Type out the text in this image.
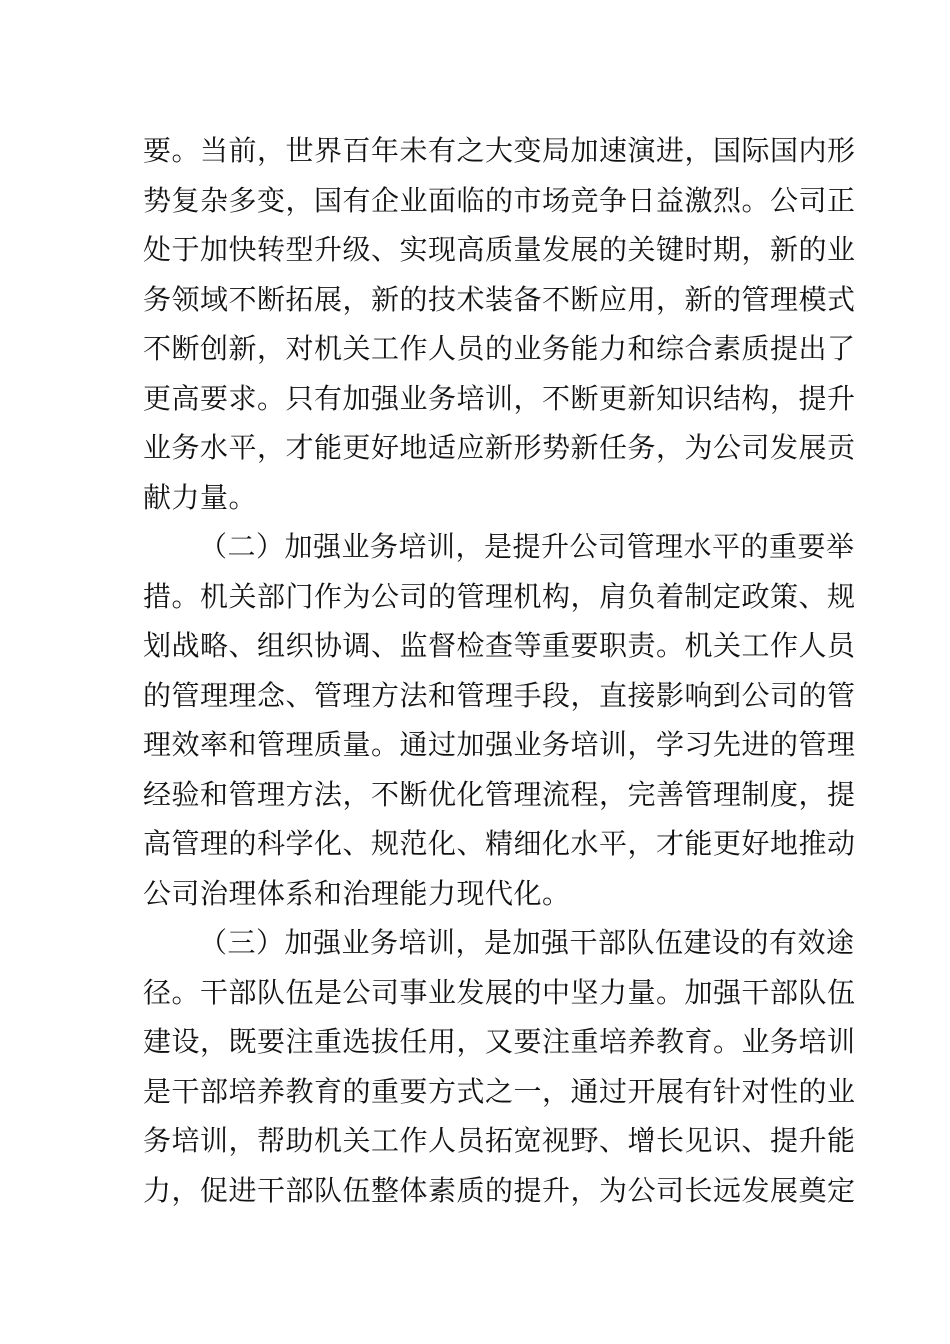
要。当前，世界百年未有之大变局加速演进，国际国内形
势复杂多变，国有企业面临的市场竞争日益激烈。公司正
处于加快转型升级、实现高质量发展的关键时期，新的业
务领域不断拓展，新的技术装备不断应用，新的管理模式
不断创新，对机关工作人员的业务能力和综合素质提出了
更高要求。只有加强业务培训，不断更新知识结构，提升
业务水平，才能更好地适应新形势新任务，为公司发展贡
献力量。
（二）加强业务培训，是提升公司管理水平的重要举
措。机关部门作为公司的管理机构，肩负着制定政策、规
划战略、组织协调、监督检查等重要职责。机关工作人员
的管理理念、管理方法和管理手段，直接影响到公司的管
理效率和管理质量。通过加强业务培训，学习先进的管理
经验和管理方法，不断优化管理流程，完善管理制度，提
高管理的科学化、规范化、精细化水平，才能更好地推动
公司治理体系和治理能力现代化。
（三）加强业务培训，是加强干部队伍建设的有效途
径。干部队伍是公司事业发展的中坚力量。加强干部队伍
建设，既要注重选拔任用，又要注重培养教育。业务培训
是干部培养教育的重要方式之一，通过开展有针对性的业
务培训，帮助机关工作人员拓宽视野、增长见识、提升能
力，促进干部队伍整体素质的提升，为公司长远发展奠定
